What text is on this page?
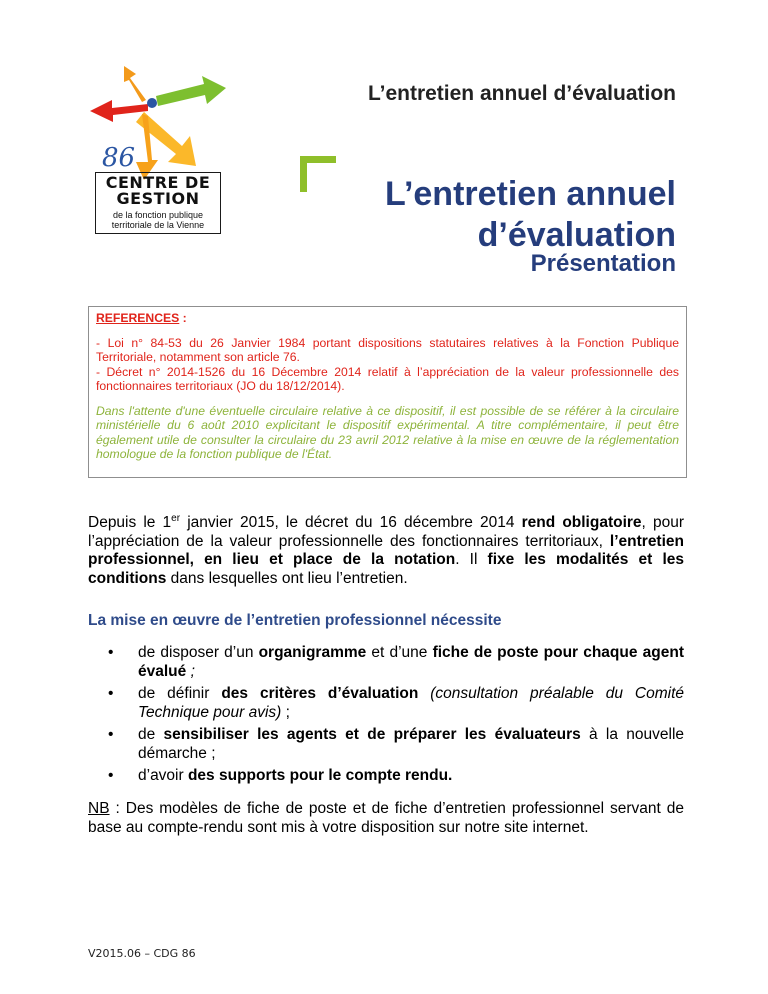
86
CENTRE DE
GESTION
de la fonction publique
territoriale de la Vienne
L’entretien annuel d’évaluation
L’entretien annuel
d’évaluation
Présentation

REFERENCES :

- Loi n° 84-53 du 26 Janvier 1984 portant dispositions statutaires relatives à la Fonction Publique Territoriale, notamment son article 76.
- Décret n° 2014-1526 du 16 Décembre 2014 relatif à l’appréciation de la valeur professionnelle des fonctionnaires territoriaux (JO du 18/12/2014).

Dans l'attente d'une éventuelle circulaire relative à ce dispositif, il est possible de se référer à la circulaire ministérielle du 6 août 2010 explicitant le dispositif expérimental. A titre complémentaire, il peut être également utile de consulter la circulaire du 23 avril 2012 relative à la mise en œuvre de la réglementation homologue de la fonction publique de l'État.

Depuis le 1er janvier 2015, le décret du 16 décembre 2014 rend obligatoire, pour l’appréciation de la valeur professionnelle des fonctionnaires territoriaux, l’entretien professionnel, en lieu et place de la notation. Il fixe les modalités et les conditions dans lesquelles ont lieu l’entretien.

La mise en œuvre de l’entretien professionnel nécessite
• de disposer d’un organigramme et d’une fiche de poste pour chaque agent évalué ;
• de définir des critères d’évaluation (consultation préalable du Comité Technique pour avis) ;
• de sensibiliser les agents et de préparer les évaluateurs à la nouvelle démarche ;
• d’avoir des supports pour le compte rendu.

NB : Des modèles de fiche de poste et de fiche d’entretien professionnel servant de base au compte-rendu sont mis à votre disposition sur notre site internet.

V2015.06 – CDG 86
